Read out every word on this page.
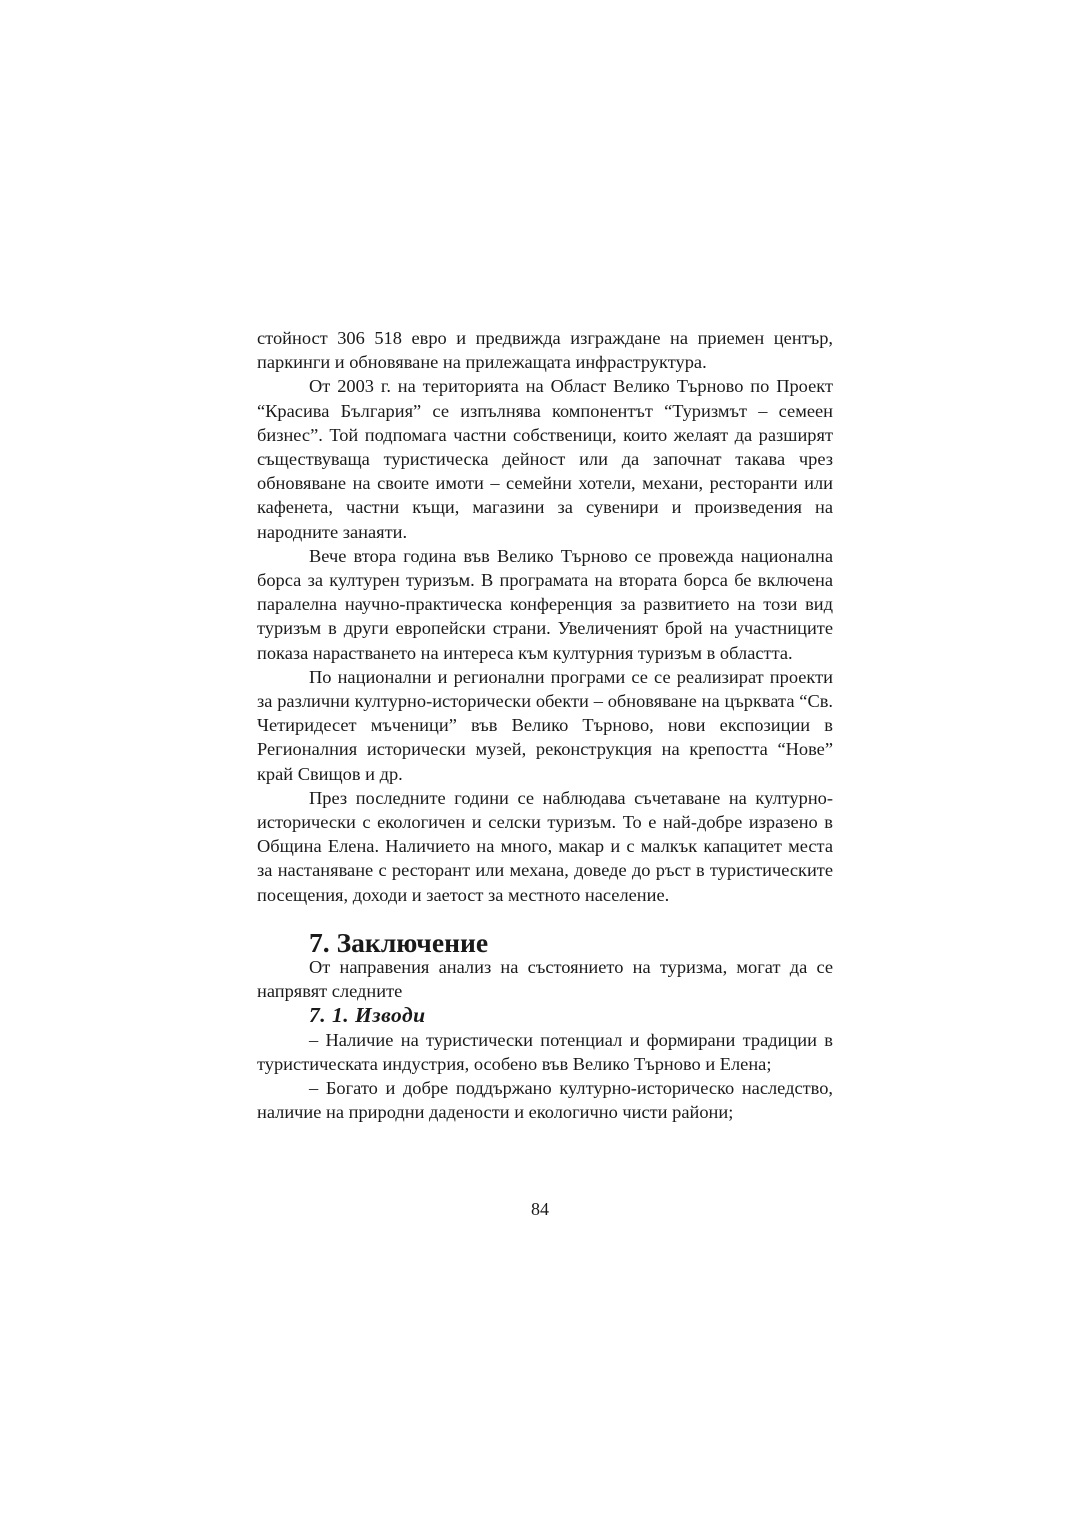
стойност 306 518 евро и предвижда изграждане на приемен център, паркинги и обновяване на прилежащата инфраструктура.

От 2003 г. на територията на Област Велико Търново по Проект “Красива България” се изпълнява компонентът “Туризмът – семеен бизнес”. Той подпомага частни собственици, които желаят да разширят съществуваща туристическа дейност или да започнат такава чрез обновяване на своите имоти – семейни хотели, механи, ресторанти или кафенета, частни къщи, магазини за сувенири и произведения на народните занаяти.

Вече втора година във Велико Търново се провежда национална борса за културен туризъм. В програмата на втората борса бе включена паралелна научно-практическа конференция за развитието на този вид туризъм в други европейски страни. Увеличеният брой на участниците показа нарастването на интереса към културния туризъм в областта.

По национални и регионални програми се се реализират проекти за различни културно-исторически обекти – обновяване на църквата “Св. Четиридесет мъченици” във Велико Търново, нови експозиции в Регионалния исторически музей, реконструкция на крепостта “Нове” край Свищов и др.

През последните години се наблюдава съчетаване на културно-исторически с екологичен и селски туризъм. То е най-добре изразено в Община Елена. Наличието на много, макар и с малкък капацитет места за настаняване с ресторант или механа, доведе до ръст в туристическите посещения, доходи и заетост за местното население.

7. Заключение

От направения анализ на състоянието на туризма, могат да се напрявят следните

7. 1. Изводи

– Наличие на туристически потенциал и формирани традиции в туристическата индустрия, особено във Велико Търново и Елена;

– Богато и добре поддържано културно-историческо наследство, наличие на природни дадености и екологично чисти райони;

84
